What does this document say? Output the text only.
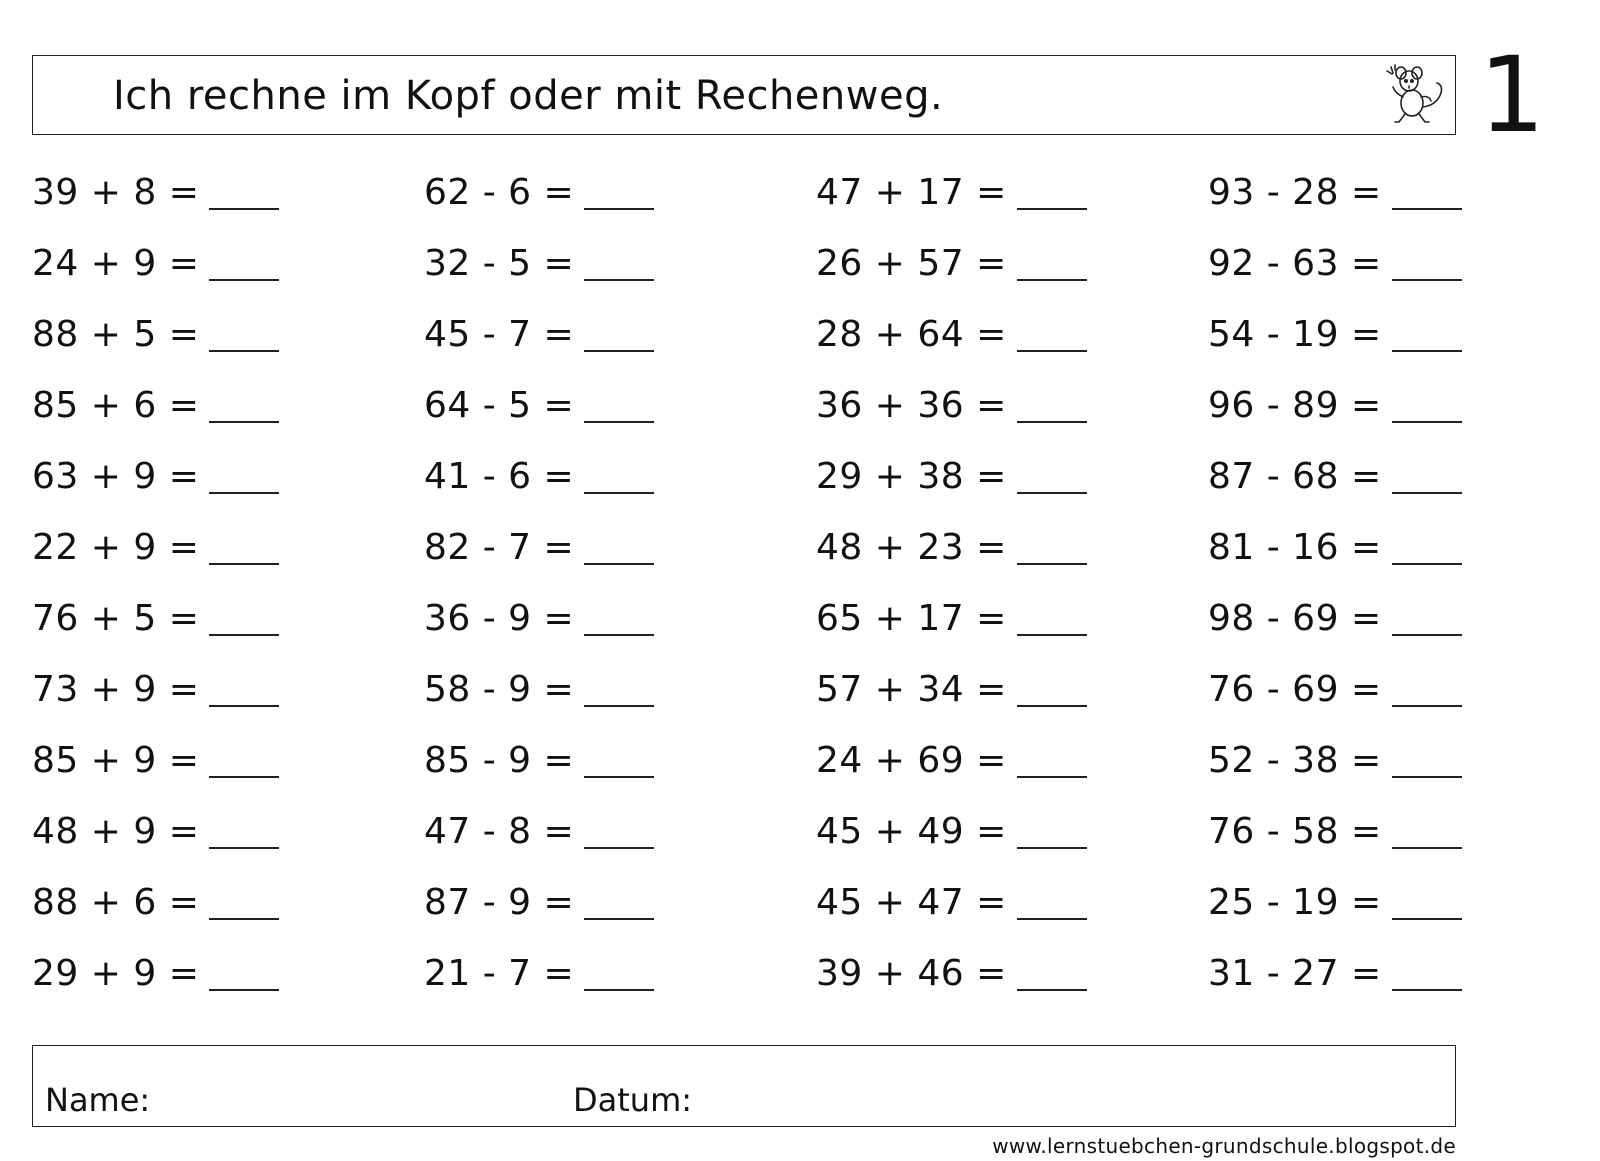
Ich rechne im Kopf oder mit Rechenweg.	1
39 + 8 =
24 + 9 =
88 + 5 =
85 + 6 =
63 + 9 =
22 + 9 =
76 + 5 =
73 + 9 =
85 + 9 =
48 + 9 =
88 + 6 =
29 + 9 =
62 - 6 =
32 - 5 =
45 - 7 =
64 - 5 =
41 - 6 =
82 - 7 =
36 - 9 =
58 - 9 =
85 - 9 =
47 - 8 =
87 - 9 =
21 - 7 =
47 + 17 =
26 + 57 =
28 + 64 =
36 + 36 =
29 + 38 =
48 + 23 =
65 + 17 =
57 + 34 =
24 + 69 =
45 + 49 =
45 + 47 =
39 + 46 =
93 - 28 =
92 - 63 =
54 - 19 =
96 - 89 =
87 - 68 =
81 - 16 =
98 - 69 =
76 - 69 =
52 - 38 =
76 - 58 =
25 - 19 =
31 - 27 =
Name:	Datum:
www.lernstuebchen-grundschule.blogspot.de
